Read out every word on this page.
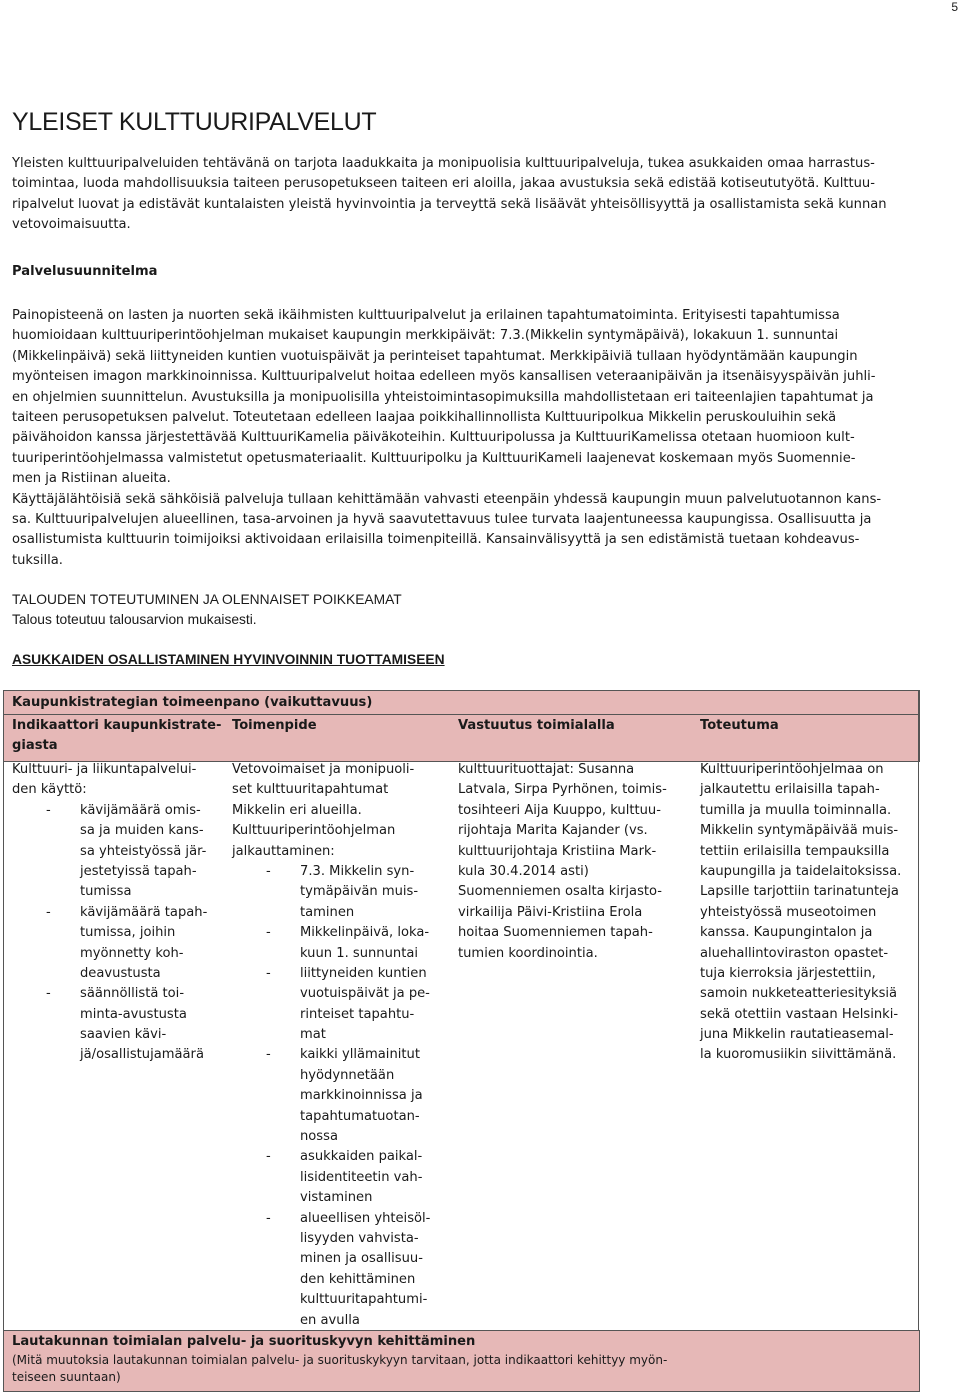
5
YLEISET KULTTUURIPALVELUT
Yleisten kulttuuripalveluiden tehtävänä on tarjota laadukkaita ja monipuolisia kulttuuripalveluja, tukea asukkaiden omaa harrastus-
toimintaa, luoda mahdollisuuksia taiteen perusopetukseen taiteen eri aloilla, jakaa avustuksia sekä edistää kotiseututyötä. Kulttuu-
ripalvelut luovat ja edistävät kuntalaisten yleistä hyvinvointia ja terveyttä sekä lisäävät yhteisöllisyyttä ja osallistamista sekä kunnan
vetovoimaisuutta.
Palvelusuunnitelma
Painopisteenä on lasten ja nuorten sekä ikäihmisten kulttuuripalvelut ja erilainen tapahtumatoiminta. Erityisesti tapahtumissa
huomioidaan kulttuuriperintöohjelman mukaiset kaupungin merkkipäivät: 7.3.(Mikkelin syntymäpäivä), lokakuun 1. sunnuntai
(Mikkelinpäivä) sekä liittyneiden kuntien vuotuispäivät ja perinteiset tapahtumat. Merkkipäiviä tullaan hyödyntämään kaupungin
myönteisen imagon markkinoinnissa. Kulttuuripalvelut hoitaa edelleen myös kansallisen veteraanipäivän ja itsenäisyyspäivän juhli-
en ohjelmien suunnittelun. Avustuksilla ja monipuolisilla yhteistoimintasopimuksilla mahdollistetaan eri taiteenlajien tapahtumat ja
taiteen perusopetuksen palvelut. Toteutetaan edelleen laajaa poikkihallinnollista Kulttuuripolkua Mikkelin peruskouluihin sekä
päivähoidon kanssa järjestettävää KulttuuriKamelia päiväkoteihin. Kulttuuripolussa ja KulttuuriKamelissa otetaan huomioon kult-
tuuriperintöohjelmassa valmistetut opetusmateriaalit. Kulttuuripolku ja KulttuuriKameli laajenevat koskemaan myös Suomennie-
men ja Ristiinan alueita.
Käyttäjälähtöisiä sekä sähköisiä palveluja tullaan kehittämään vahvasti eteenpäin yhdessä kaupungin muun palvelutuotannon kans-
sa. Kulttuuripalvelujen alueellinen, tasa-arvoinen ja hyvä saavutettavuus tulee turvata laajentuneessa kaupungissa. Osallisuutta ja
osallistumista kulttuurin toimijoiksi aktivoidaan erilaisilla toimenpiteillä. Kansainvälisyyttä ja sen edistämistä tuetaan kohdeavus-
tuksilla.
TALOUDEN TOTEUTUMINEN JA OLENNAISET POIKKEAMAT
Talous toteutuu talousarvion mukaisesti.
ASUKKAIDEN OSALLISTAMINEN HYVINVOINNIN TUOTTAMISEEN
Kaupunkistrategian toimeenpano (vaikuttavuus)
Indikaattori kaupunkistrate-
giasta
Toimenpide	Vastuutus toimialalla	Toteutuma
Kulttuuri- ja liikuntapalvelui-
den käyttö:
- kävijämäärä omis-
sa ja muiden kans-
sa yhteistyössä jär-
jestetyissä tapah-
tumissa
- kävijämäärä tapah-
tumissa, joihin
myönnetty koh-
deavustusta
- säännöllistä toi-
minta-avustusta
saavien kävi-
jä/osallistujamäärä
Vetovoimaiset ja monipuoli-
set kulttuuritapahtumat
Mikkelin eri alueilla.
Kulttuuriperintöohjelman
jalkauttaminen:
- 7.3. Mikkelin syn-
tymäpäivän muis-
taminen
- Mikkelinpäivä, loka-
kuun 1. sunnuntai
- liittyneiden kuntien
vuotuispäivät ja pe-
rinteiset tapahtu-
mat
- kaikki yllämainitut
hyödynnetään
markkinoinnissa ja
tapahtumatuotan-
nossa
- asukkaiden paikal-
lisidentiteetin vah-
vistaminen
- alueellisen yhteisöl-
lisyyden vahvista-
minen ja osallisuu-
den kehittäminen
kulttuuritapahtumi-
en avulla
kulttuurituottajat: Susanna
Latvala, Sirpa Pyrhönen, toimis-
tosihteeri Aija Kuuppo, kulttuu-
rijohtaja Marita Kajander (vs.
kulttuurijohtaja Kristiina Mark-
kula 30.4.2014 asti)
Suomenniemen osalta kirjasto-
virkailija Päivi-Kristiina Erola
hoitaa Suomenniemen tapah-
tumien koordinointia.
Kulttuuriperintöohjelmaa on
jalkautettu erilaisilla tapah-
tumilla ja muulla toiminnalla.
Mikkelin syntymäpäivää muis-
tettiin erilaisilla tempauksilla
kaupungilla ja taidelaitoksissa.
Lapsille tarjottiin tarinatunteja
yhteistyössä museotoimen
kanssa. Kaupungintalon ja
aluehallintoviraston opastet-
tuja kierroksia järjestettiin,
samoin nukketeatteriesityksiä
sekä otettiin vastaan Helsinki-
juna Mikkelin rautatieasemal-
la kuoromusiikin siivittämänä.
Lautakunnan toimialan palvelu- ja suorituskyvyn kehittäminen
(Mitä muutoksia lautakunnan toimialan palvelu- ja suorituskykyyn tarvitaan, jotta indikaattori kehittyy myön-
teiseen suuntaan)
